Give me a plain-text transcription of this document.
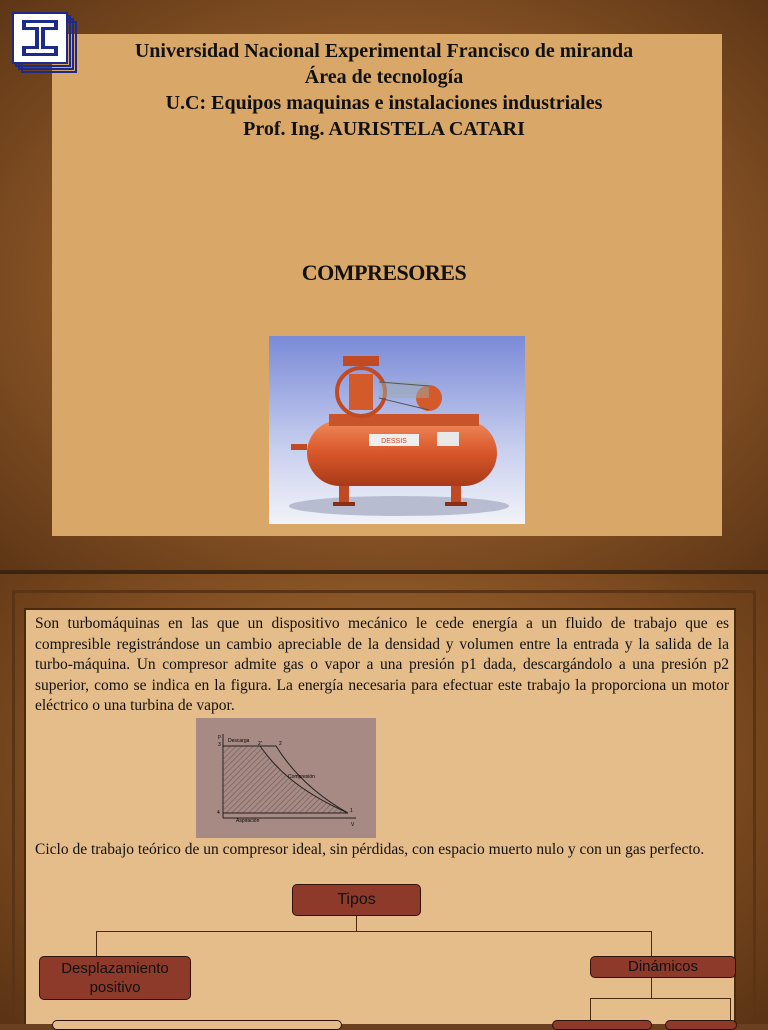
Universidad Nacional Experimental Francisco de miranda
Área de tecnología
U.C: Equipos maquinas e instalaciones industriales
Prof. Ing. AURISTELA CATARI
COMPRESORES
DESSIS

Son turbomáquinas en las que un dispositivo mecánico le cede energía a un fluido de trabajo que es compresible registrándose un cambio apreciable de la densidad y volumen entre la entrada y la salida de la turbo-máquina. Un compresor admite gas o vapor a una presión p1 dada, descargándolo a una presión p2 superior, como se indica en la figura. La energía necesaria para efectuar este trabajo la proporciona un motor eléctrico o una turbina de vapor.

p
V
Descarga
Compresión
Aspiración
3	2
2'
1
4

Ciclo de trabajo teórico de un compresor ideal, sin pérdidas, con espacio muerto nulo y con un gas perfecto.

Tipos
Desplazamiento positivo
Dinámicos
